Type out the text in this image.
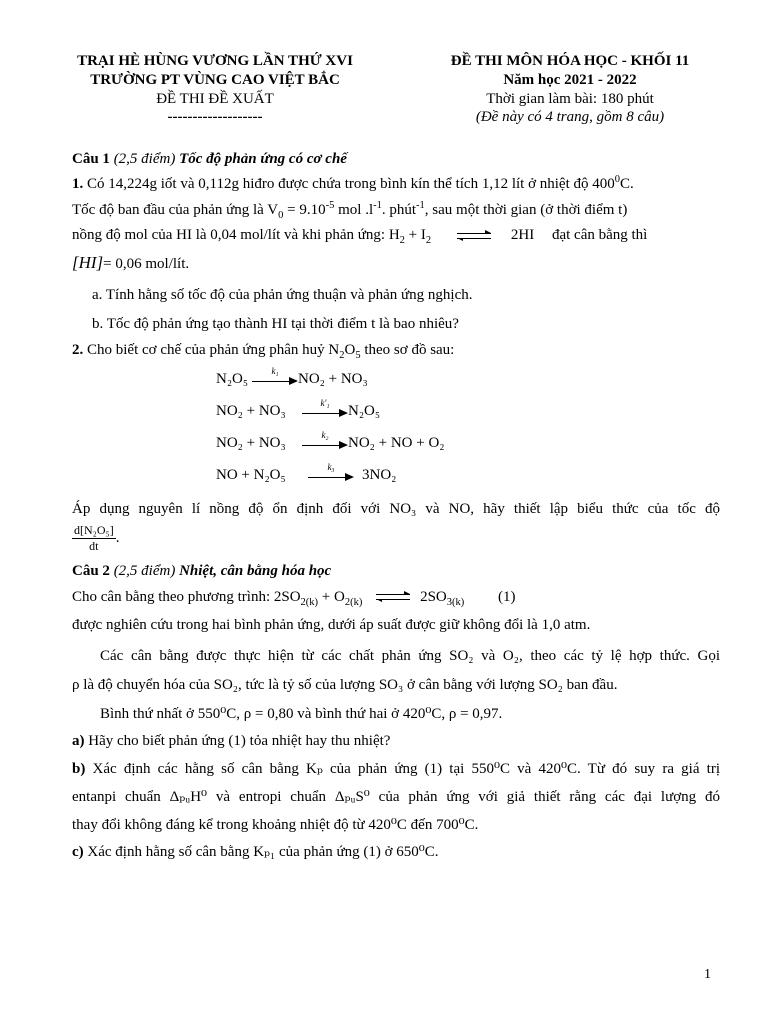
TRẠI HÈ HÙNG VƯƠNG LẦN THỨ XVI
TRƯỜNG PT VÙNG CAO VIỆT BẮC
ĐỀ THI ĐỀ XUẤT
-------------------
ĐỀ THI MÔN HÓA HỌC - KHỐI 11
Năm học 2021 - 2022
Thời gian làm bài: 180 phút
(Đề này có 4 trang, gồm 8 câu)

Câu 1 (2,5 điểm) Tốc độ phản ứng có cơ chế

1. Có 14,224g iốt và 0,112g hiđro được chứa trong bình kín thể tích 1,12 lít ở nhiệt độ $400^0C$.

Tốc độ ban đầu của phản ứng là $V_0 = 9.10^{-5}$ mol $.l^{-1}$. phút$^{-1}$, sau một thời gian (ở thời điểm t)

nồng độ mol của HI là 0,04 mol/lít và khi phản ứng: $H_2 + I_2$ ⇌ 2HI đạt cân bằng thì

[HI]= 0,06 mol/lít.

a. Tính hằng số tốc độ của phản ứng thuận và phản ứng nghịch.

b. Tốc độ phản ứng tạo thành HI tại thời điểm t là bao nhiêu?

2. Cho biết cơ chế của phản ứng phân huỷ $N_2O_5$ theo sơ đồ sau:

N₂O₅	k₁	NO₂ + NO₃
NO₂ + NO₃	k'₁	N₂O₅
NO₂ + NO₃	k₂	NO₂ + NO + O₂
NO + N₂O₅	k₃	3NO₂

Áp dụng nguyên lí nồng độ ổn định đối với NO₃ và NO, hãy thiết lập biểu thức của tốc độ

$\frac{\text{d[N₂O₅]}}{dt}$ .

Câu 2 (2,5 điểm) Nhiệt, cân bằng hóa học

Cho cân bằng theo phương trình: $2SO_{2(k)} + O_{2(k)}$ ⇌ $2SO_{3(k)}$ (1)

được nghiên cứu trong hai bình phản ứng, dưới áp suất được giữ không đổi là 1,0 atm.

Các cân bằng được thực hiện từ các chất phản ứng SO₂ và O₂, theo các tỷ lệ hợp thức. Gọi

ρ là độ chuyển hóa của SO₂, tức là tỷ số của lượng SO₃ ở cân bằng với lượng SO₂ ban đầu.

Bình thứ nhất ở 550⁰C, ρ = 0,80 và bình thứ hai ở 420⁰C, ρ = 0,97.

a) Hãy cho biết phản ứng (1) tỏa nhiệt hay thu nhiệt?

b) Xác định các hằng số cân bằng Kₚ của phản ứng (1) tại 550⁰C và 420⁰C. Từ đó suy ra giá trị

entanpi chuẩn ΔₚᵤH⁰ và entropi chuẩn ΔₚᵤS⁰ của phản ứng với giả thiết rằng các đại lượng đó

thay đổi không đáng kể trong khoảng nhiệt độ từ 420⁰C đến 700⁰C.

c) Xác định hằng số cân bằng Kₚ₁ của phản ứng (1) ở 650⁰C.

1
